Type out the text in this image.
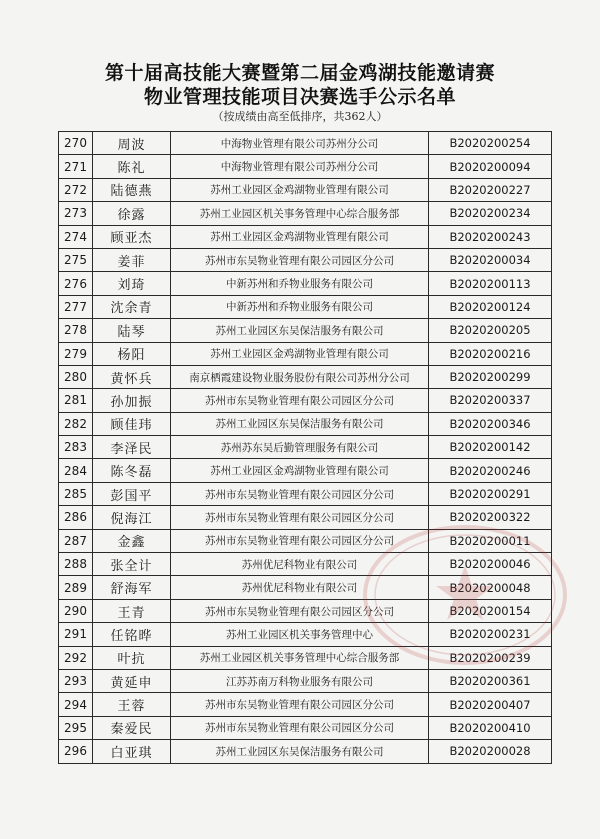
第十届高技能大赛暨第二届金鸡湖技能邀请赛
物业管理技能项目决赛选手公示名单
（按成绩由高至低排序，共362人）
270	周波	中海物业管理有限公司苏州分公司	B2020200254
271	陈礼	中海物业管理有限公司苏州分公司	B2020200094
272	陆德燕	苏州工业园区金鸡湖物业管理有限公司	B2020200227
273	徐露	苏州工业园区机关事务管理中心综合服务部	B2020200234
274	顾亚杰	苏州工业园区金鸡湖物业管理有限公司	B2020200243
275	姜菲	苏州市东吴物业管理有限公司园区分公司	B2020200034
276	刘琦	中新苏州和乔物业服务有限公司	B2020200113
277	沈余青	中新苏州和乔物业服务有限公司	B2020200124
278	陆琴	苏州工业园区东吴保洁服务有限公司	B2020200205
279	杨阳	苏州工业园区金鸡湖物业管理有限公司	B2020200216
280	黄怀兵	南京栖霞建设物业服务股份有限公司苏州分公司	B2020200299
281	孙加振	苏州市东吴物业管理有限公司园区分公司	B2020200337
282	顾佳玮	苏州工业园区东吴保洁服务有限公司	B2020200346
283	李泽民	苏州苏东吴后勤管理服务有限公司	B2020200142
284	陈冬磊	苏州工业园区金鸡湖物业管理有限公司	B2020200246
285	彭国平	苏州市东吴物业管理有限公司园区分公司	B2020200291
286	倪海江	苏州市东吴物业管理有限公司园区分公司	B2020200322
287	金鑫	苏州市东吴物业管理有限公司园区分公司	B2020200011
288	张全计	苏州优尼科物业有限公司	B2020200046
289	舒海军	苏州优尼科物业有限公司	B2020200048
290	王青	苏州市东吴物业管理有限公司园区分公司	B2020200154
291	任铭晔	苏州工业园区机关事务管理中心	B2020200231
292	叶抗	苏州工业园区机关事务管理中心综合服务部	B2020200239
293	黄延申	江苏苏南万科物业服务有限公司	B2020200361
294	王蓉	苏州市东吴物业管理有限公司园区分公司	B2020200407
295	秦爱民	苏州市东吴物业管理有限公司园区分公司	B2020200410
296	白亚琪	苏州工业园区东吴保洁服务有限公司	B2020200028
